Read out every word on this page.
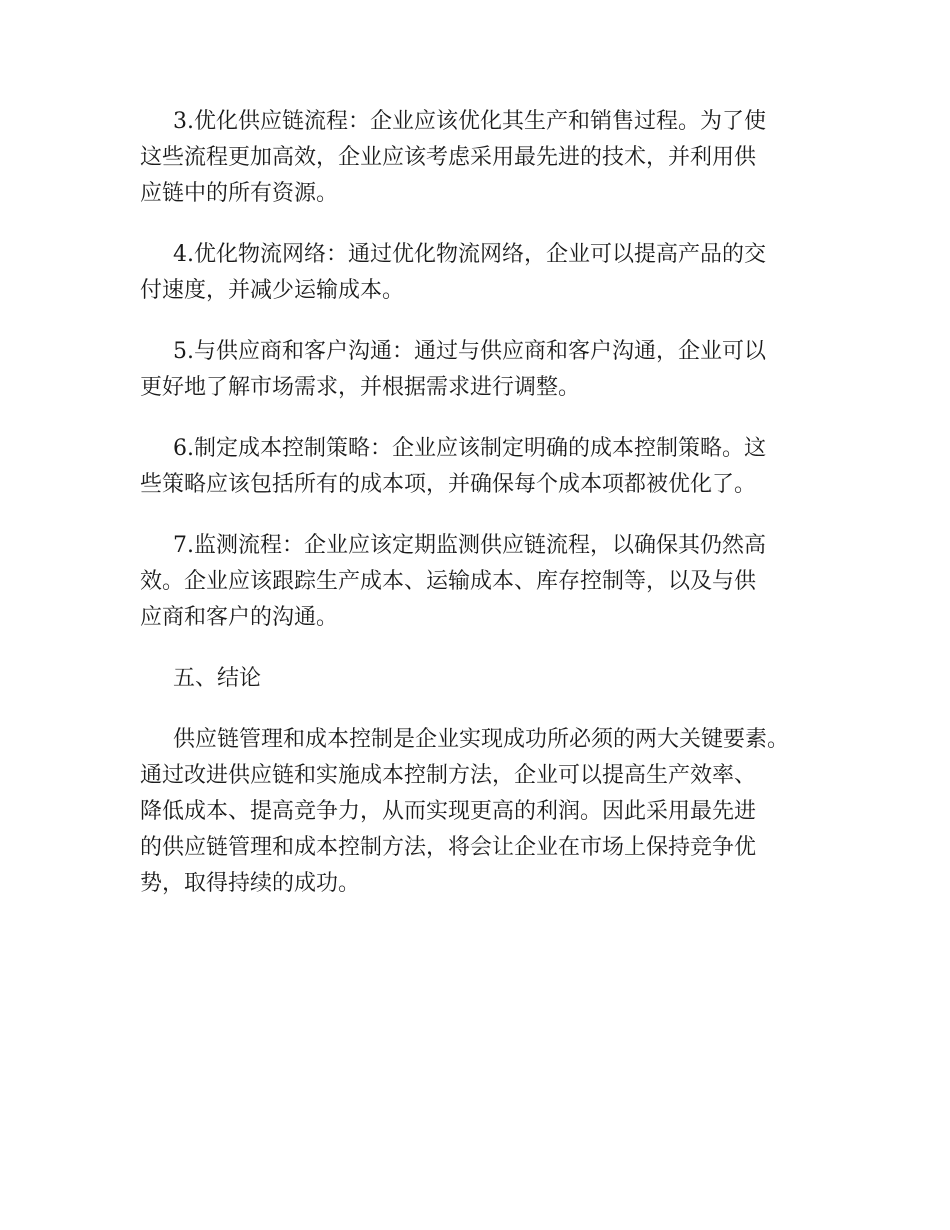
3.优化供应链流程：企业应该优化其生产和销售过程。为了使
这些流程更加高效，企业应该考虑采用最先进的技术，并利用供
应链中的所有资源。

4.优化物流网络：通过优化物流网络，企业可以提高产品的交
付速度，并减少运输成本。

5.与供应商和客户沟通：通过与供应商和客户沟通，企业可以
更好地了解市场需求，并根据需求进行调整。

6.制定成本控制策略：企业应该制定明确的成本控制策略。这
些策略应该包括所有的成本项，并确保每个成本项都被优化了。

7.监测流程：企业应该定期监测供应链流程，以确保其仍然高
效。企业应该跟踪生产成本、运输成本、库存控制等，以及与供
应商和客户的沟通。

五、结论

供应链管理和成本控制是企业实现成功所必须的两大关键要素。
通过改进供应链和实施成本控制方法，企业可以提高生产效率、
降低成本、提高竞争力，从而实现更高的利润。因此采用最先进
的供应链管理和成本控制方法，将会让企业在市场上保持竞争优
势，取得持续的成功。
